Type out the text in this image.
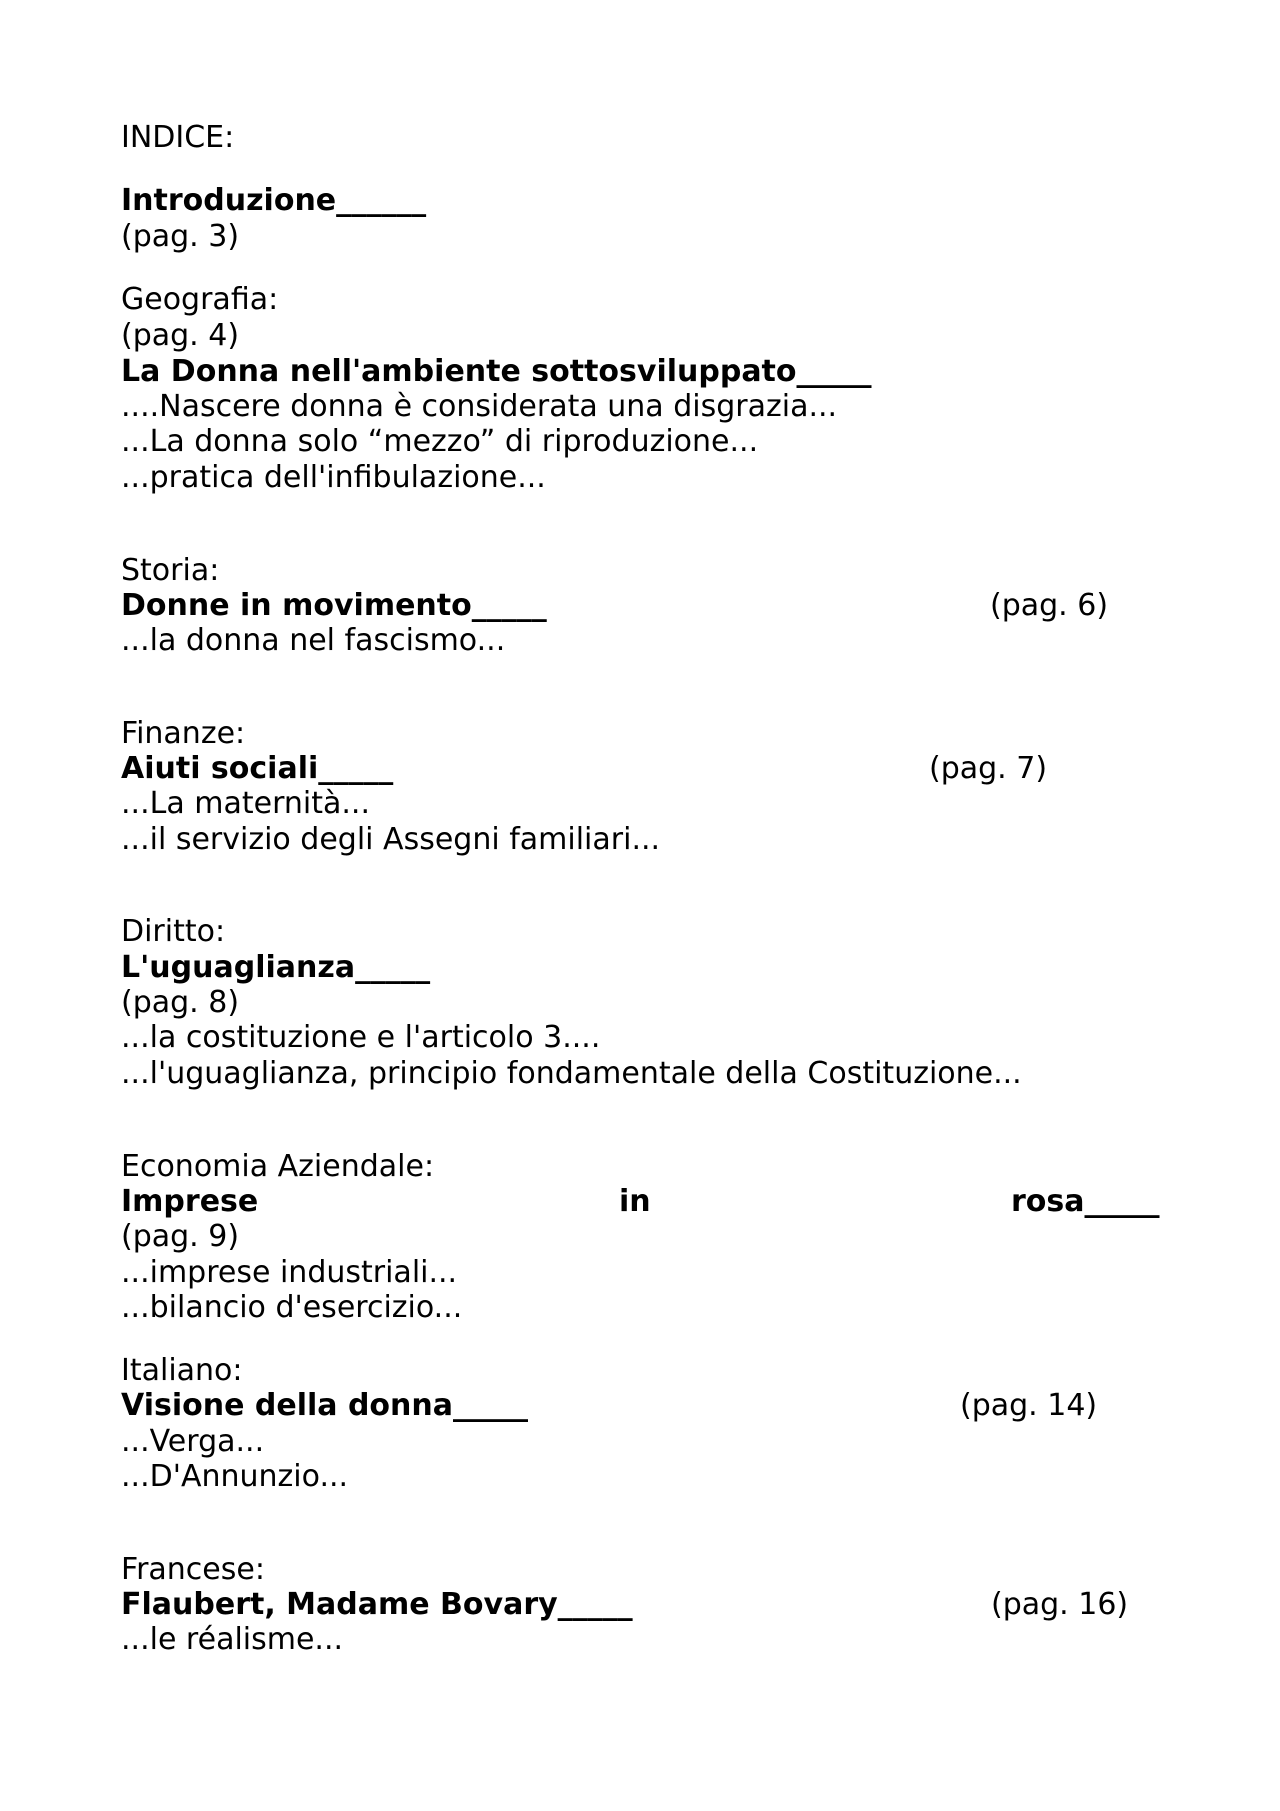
INDICE:
Introduzione______
(pag. 3)
Geografia:
(pag. 4)
La Donna nell'ambiente sottosviluppato_____
....Nascere donna è considerata una disgrazia...
...La donna solo “mezzo” di riproduzione...
...pratica dell'infibulazione...
Storia:
Donne in movimento_____	(pag. 6)
...la donna nel fascismo...
Finanze:
Aiuti sociali_____	(pag. 7)
...La maternità...
...il servizio degli Assegni familiari...
Diritto:
L'uguaglianza_____
(pag. 8)
...la costituzione e l'articolo 3....
...l'uguaglianza, principio fondamentale della Costituzione...
Economia Aziendale:
Imprese	in	rosa_____
(pag. 9)
...imprese industriali...
...bilancio d'esercizio...
Italiano:
Visione della donna_____	(pag. 14)
...Verga...
...D'Annunzio...
Francese:
Flaubert, Madame Bovary_____	(pag. 16)
...le réalisme...
